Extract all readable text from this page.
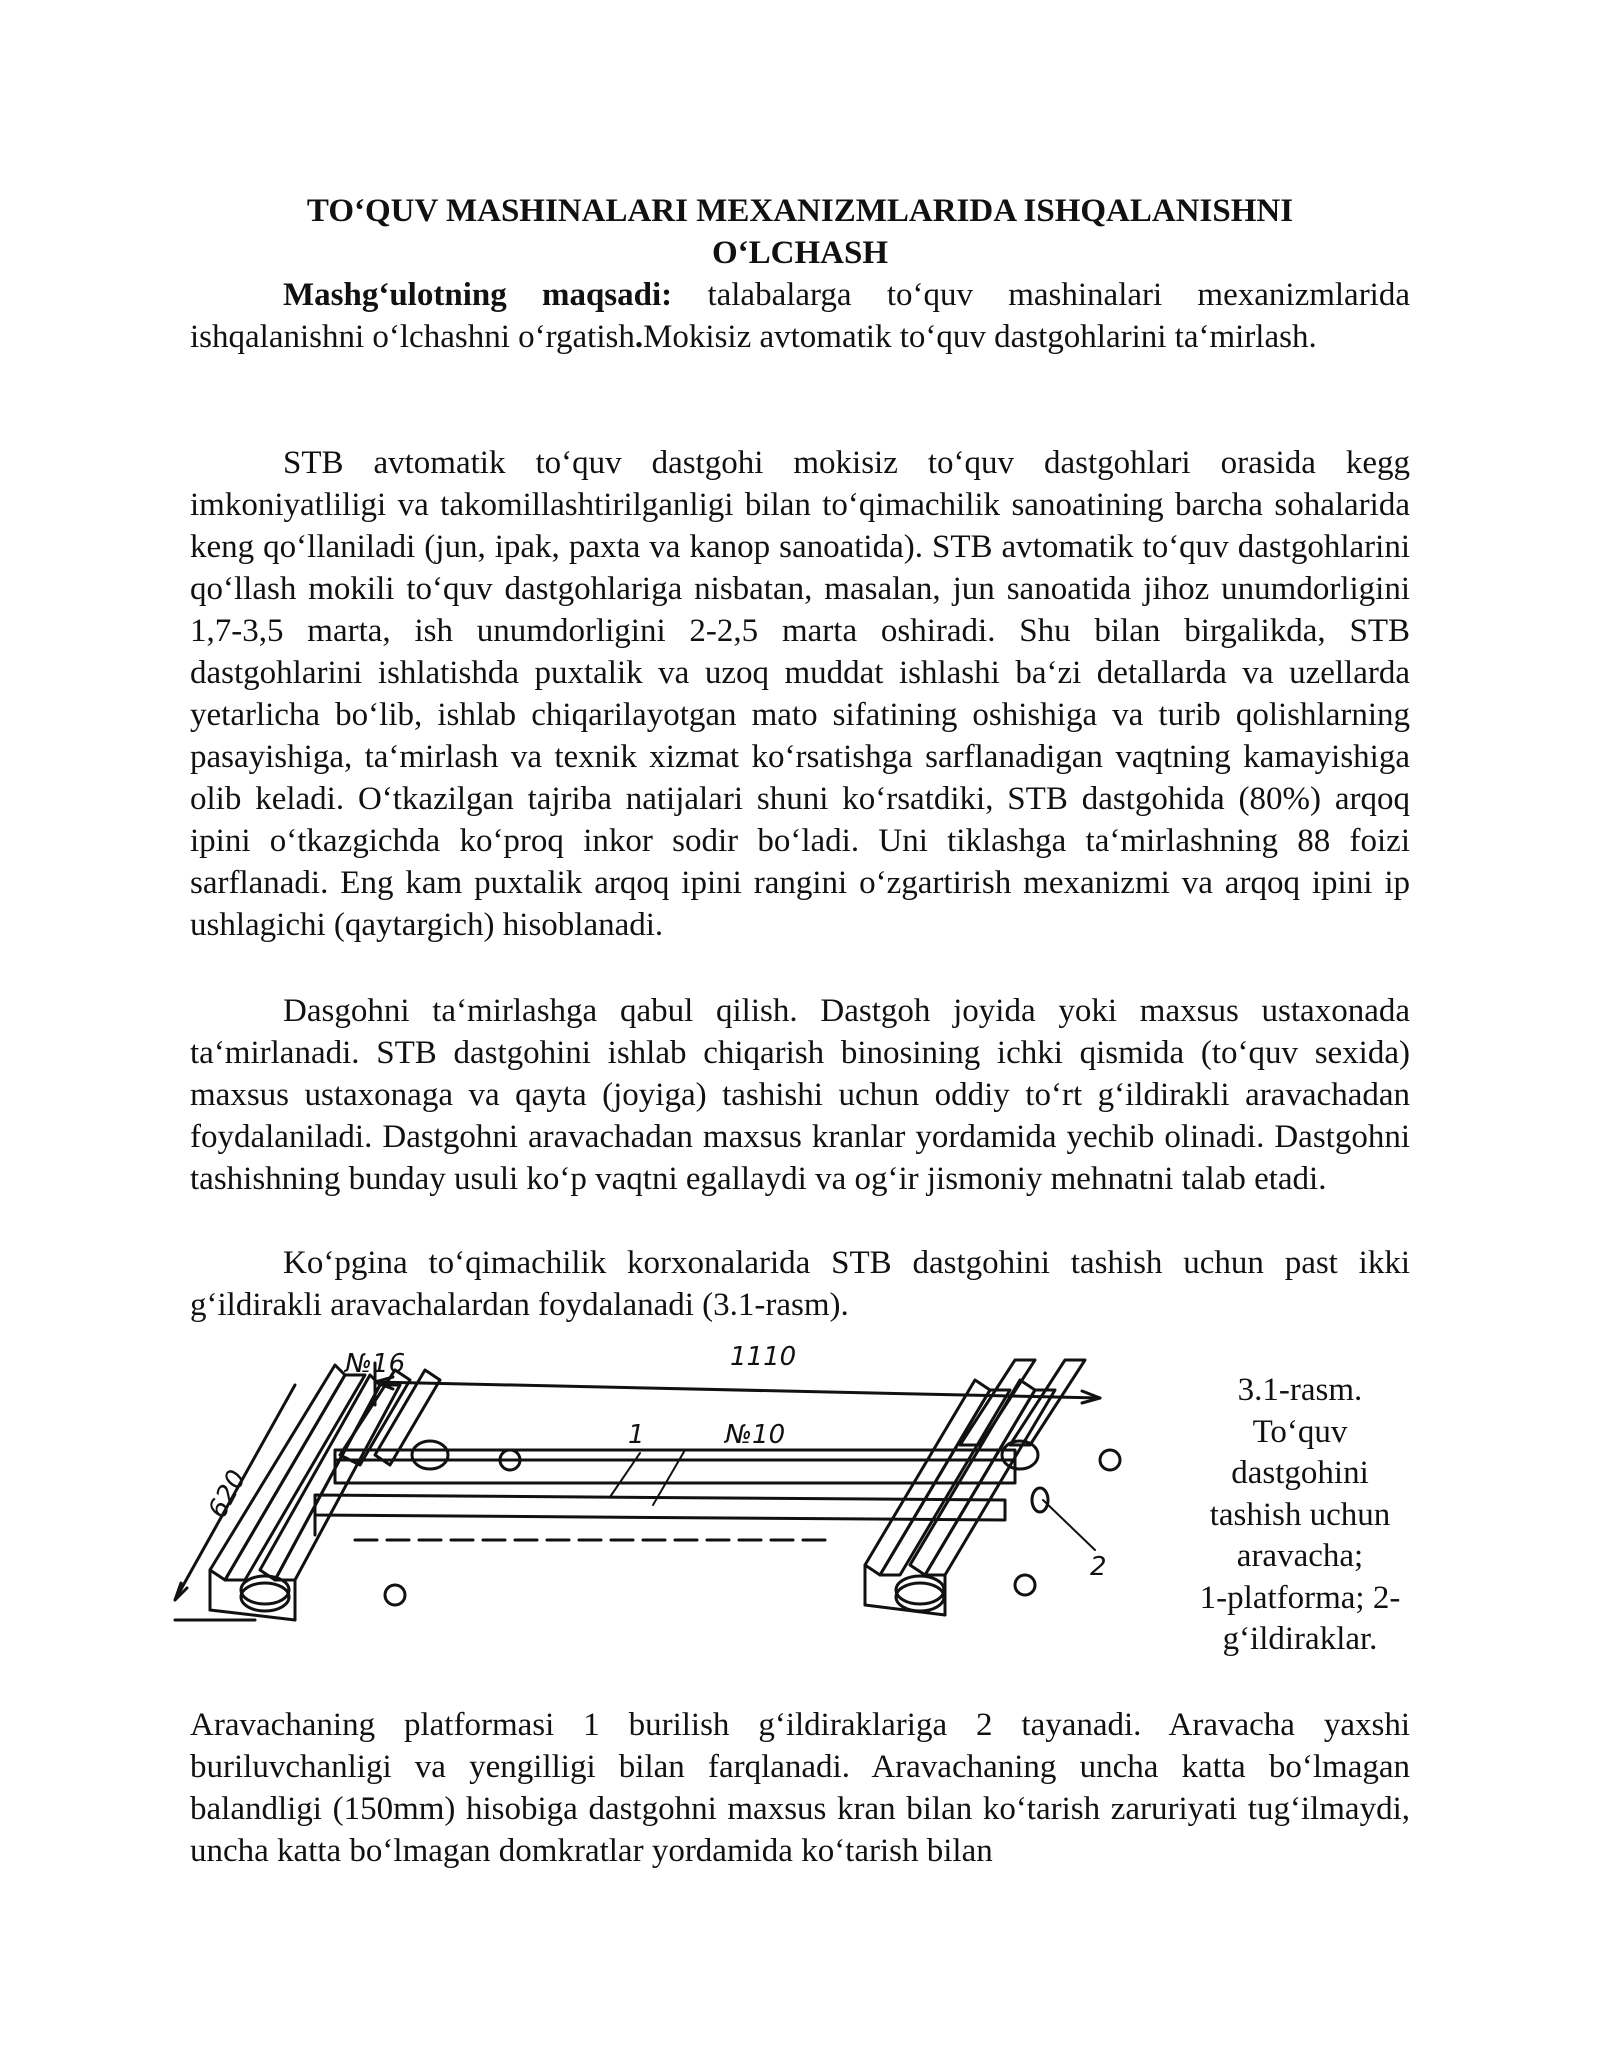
TO‘QUV MASHINALARI MEXANIZMLARIDA ISHQALANISHNI
O‘LCHASH

Mashg‘ulotning maqsadi: talabalarga to‘quv mashinalari mexanizmlarida ishqalanishni o‘lchashni o‘rgatish.Mokisiz avtomatik to‘quv dastgohlarini ta‘mirlash.

STB avtomatik to‘quv dastgohi mokisiz to‘quv dastgohlari orasida kegg imkoniyatliligi va takomillashtirilganligi bilan to‘qimachilik sanoatining barcha sohalarida keng qo‘llaniladi (jun, ipak, paxta va kanop sanoatida). STB avtomatik to‘quv dastgohlarini qo‘llash mokili to‘quv dastgohlariga nisbatan, masalan, jun sanoatida jihoz unumdorligini 1,7-3,5 marta, ish unumdorligini 2-2,5 marta oshiradi. Shu bilan birgalikda, STB dastgohlarini ishlatishda puxtalik va uzoq muddat ishlashi ba‘zi detallarda va uzellarda yetarlicha bo‘lib, ishlab chiqarilayotgan mato sifatining oshishiga va turib qolishlarning pasayishiga, ta‘mirlash va texnik xizmat ko‘rsatishga sarflanadigan vaqtning kamayishiga olib keladi. O‘tkazilgan tajriba natijalari shuni ko‘rsatdiki, STB dastgohida (80%) arqoq ipini o‘tkazgichda ko‘proq inkor sodir bo‘ladi. Uni tiklashga ta‘mirlashning 88 foizi sarflanadi. Eng kam puxtalik arqoq ipini rangini o‘zgartirish mexanizmi va arqoq ipini ip ushlagichi (qaytargich) hisoblanadi.

Dasgohni ta‘mirlashga qabul qilish. Dastgoh joyida yoki maxsus ustaxonada ta‘mirlanadi. STB dastgohini ishlab chiqarish binosining ichki qismida (to‘quv sexida) maxsus ustaxonaga va qayta (joyiga) tashishi uchun oddiy to‘rt g‘ildirakli aravachadan foydalaniladi. Dastgohni aravachadan maxsus kranlar yordamida yechib olinadi. Dastgohni tashishning bunday usuli ko‘p vaqtni egallaydi va og‘ir jismoniy mehnatni talab etadi.

Ko‘pgina to‘qimachilik korxonalarida STB dastgohini tashish uchun past ikki g‘ildirakli aravachalardan foydalanadi (3.1-rasm).

№16	1110
620
1	№10
2
3.1-rasm.
To‘quv
dastgohini
tashish uchun
aravacha;
1-platforma; 2-
g‘ildiraklar.

Aravachaning platformasi 1 burilish g‘ildiraklariga 2 tayanadi. Aravacha yaxshi buriluvchanligi va yengilligi bilan farqlanadi. Aravachaning uncha katta bo‘lmagan balandligi (150mm) hisobiga dastgohni maxsus kran bilan ko‘tarish zaruriyati tug‘ilmaydi, uncha katta bo‘lmagan domkratlar yordamida ko‘tarish bilan
